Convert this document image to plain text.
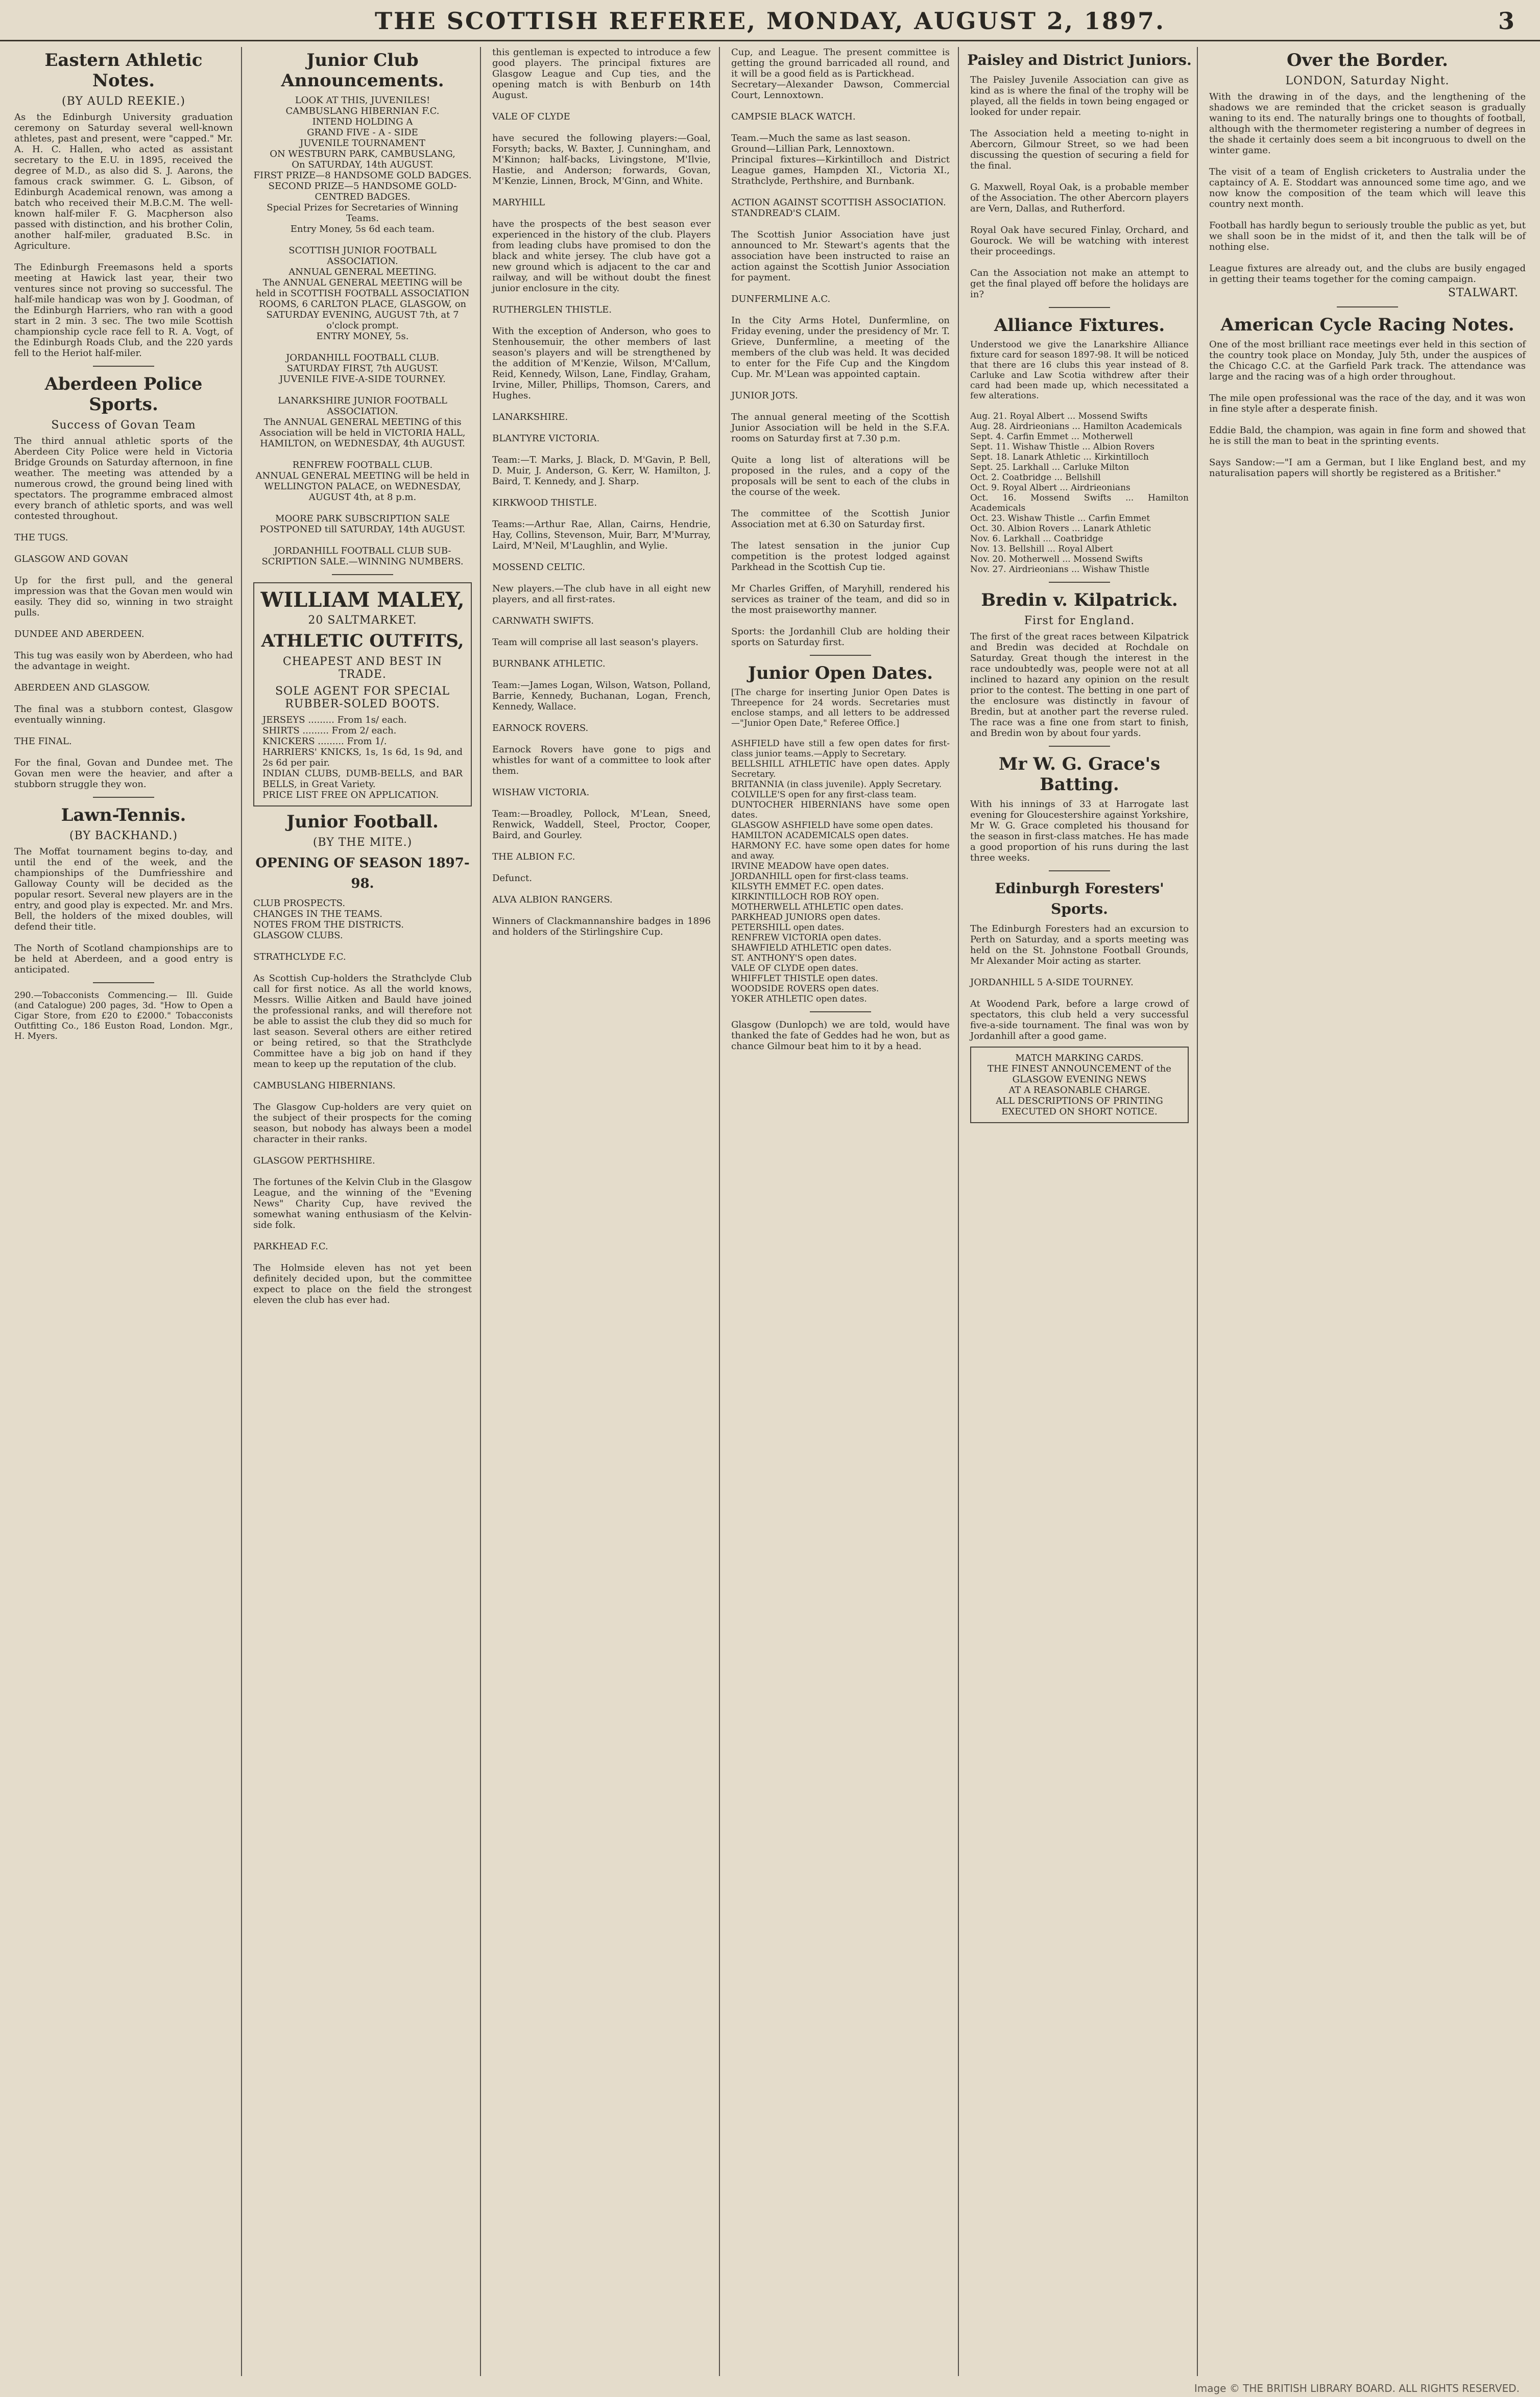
THE SCOTTISH REFEREE, MONDAY, AUGUST 2, 1897.	3
Eastern Athletic Notes.
(BY AULD REEKIE.)
As the Edinburgh University graduation ceremony on Saturday several well-known athletes, past and present, were "capped." Mr. A. H. C. Hallen, who acted as assistant secretary to the E.U. in 1895, received the degree of M.D., as also did S. J. Aarons, the famous crack swimmer. G. L. Gibson, of Edinburgh Academical renown, was among a batch who received their M.B.C.M. The well-known half-miler F. G. Macpherson also passed with distinction, and his brother Colin, another half-miler, graduated B.Sc. in Agriculture.

The Edinburgh Freemasons held a sports meeting at Hawick last year, their two ventures since not proving so successful. The half-mile handicap was won by J. Goodman, of the Edinburgh Harriers, who ran with a good start in 2 min. 3 sec. The two mile Scottish championship cycle race fell to R. A. Vogt, of the Edinburgh Roads Club, and the 220 yards fell to the Heriot half-miler.
Aberdeen Police Sports.
Success of Govan Team
The third annual athletic sports of the Aberdeen City Police were held in Victoria Bridge Grounds on Saturday afternoon, in fine weather. The meeting was attended by a numerous crowd, the ground being lined with spectators. The programme embraced almost every branch of athletic sports, and was well contested throughout.

THE TUGS.

GLASGOW AND GOVAN

Up for the first pull, and the general impression was that the Govan men would win easily. They did so, winning in two straight pulls.

DUNDEE AND ABERDEEN.

This tug was easily won by Aberdeen, who had the advantage in weight.

ABERDEEN AND GLASGOW.

The final was a stubborn contest, Glasgow eventually winning.

THE FINAL.

For the final, Govan and Dundee met. The Govan men were the heavier, and after a stubborn struggle they won.
Lawn-Tennis.
(BY BACKHAND.)
The Moffat tournament begins to-day, and until the end of the week, and the championships of the Dumfriesshire and Galloway County will be decided as the popular resort. Several new players are in the entry, and good play is expected. Mr. and Mrs. Bell, the holders of the mixed doubles, will defend their title.

The North of Scotland championships are to be held at Aberdeen, and a good entry is anticipated.
290.—Tobacconists Commencing.— Ill. Guide (and Catalogue) 200 pages, 3d. "How to Open a Cigar Store, from £20 to £2000." Tobacconists Outfitting Co., 186 Euston Road, London. Mgr., H. Myers.
Junior Club Announcements.
LOOK AT THIS, JUVENILES!
CAMBUSLANG HIBERNIAN F.C.
INTEND HOLDING A
GRAND FIVE - A - SIDE
JUVENILE TOURNAMENT
ON WESTBURN PARK, CAMBUSLANG,
On SATURDAY, 14th AUGUST.
FIRST PRIZE—8 HANDSOME GOLD BADGES.
SECOND PRIZE—5 HANDSOME GOLD-CENTRED BADGES.
Special Prizes for Secretaries of Winning Teams.
Entry Money, 5s 6d each team.

SCOTTISH JUNIOR FOOTBALL ASSOCIATION.
ANNUAL GENERAL MEETING.
The ANNUAL GENERAL MEETING will be held in SCOTTISH FOOTBALL ASSOCIATION ROOMS, 6 CARLTON PLACE, GLASGOW, on SATURDAY EVENING, AUGUST 7th, at 7 o'clock prompt.
ENTRY MONEY, 5s.

JORDANHILL FOOTBALL CLUB.
SATURDAY FIRST, 7th AUGUST.
JUVENILE FIVE-A-SIDE TOURNEY.

LANARKSHIRE JUNIOR FOOTBALL ASSOCIATION.
The ANNUAL GENERAL MEETING of this Association will be held in VICTORIA HALL, HAMILTON, on WEDNESDAY, 4th AUGUST.

RENFREW FOOTBALL CLUB.
ANNUAL GENERAL MEETING will be held in WELLINGTON PALACE, on WEDNESDAY, AUGUST 4th, at 8 p.m.

MOORE PARK SUBSCRIPTION SALE
POSTPONED till SATURDAY, 14th AUGUST.

JORDANHILL FOOTBALL CLUB SUB-SCRIPTION SALE.—WINNING NUMBERS.
WILLIAM MALEY,
20 SALTMARKET.
ATHLETIC OUTFITS,
CHEAPEST AND BEST IN TRADE.
SOLE AGENT FOR SPECIAL RUBBER-SOLED BOOTS.
JERSEYS ......... From 1s/ each.
SHIRTS ......... From 2/ each.
KNICKERS ......... From 1/.
HARRIERS' KNICKS, 1s, 1s 6d, 1s 9d, and 2s 6d per pair.
INDIAN CLUBS, DUMB-BELLS, and BAR BELLS, in Great Variety.
PRICE LIST FREE ON APPLICATION.
Junior Football.
(BY THE MITE.)
OPENING OF SEASON 1897-98.
CLUB PROSPECTS.
CHANGES IN THE TEAMS.
NOTES FROM THE DISTRICTS.
GLASGOW CLUBS.

STRATHCLYDE F.C.

As Scottish Cup-holders the Strathclyde Club call for first notice. As all the world knows, Messrs. Willie Aitken and Bauld have joined the professional ranks, and will therefore not be able to assist the club they did so much for last season. Several others are either retired or being retired, so that the Strathclyde Committee have a big job on hand if they mean to keep up the reputation of the club.

CAMBUSLANG HIBERNIANS.

The Glasgow Cup-holders are very quiet on the subject of their prospects for the coming season, but nobody has always been a model character in their ranks.

GLASGOW PERTHSHIRE.

The fortunes of the Kelvin Club in the Glasgow League, and the winning of the "Evening News" Charity Cup, have revived the somewhat waning enthusiasm of the Kelvin-side folk.

PARKHEAD F.C.

The Holmside eleven has not yet been definitely decided upon, but the committee expect to place on the field the strongest eleven the club has ever had.
this gentleman is expected to introduce a few good players. The principal fixtures are Glasgow League and Cup ties, and the opening match is with Benburb on 14th August.

VALE OF CLYDE

have secured the following players:—Goal, Forsyth; backs, W. Baxter, J. Cunningham, and M'Kinnon; half-backs, Livingstone, M'Ilvie, Hastie, and Anderson; forwards, Govan, M'Kenzie, Linnen, Brock, M'Ginn, and White.

MARYHILL

have the prospects of the best season ever experienced in the history of the club. Players from leading clubs have promised to don the black and white jersey. The club have got a new ground which is adjacent to the car and railway, and will be without doubt the finest junior enclosure in the city.

RUTHERGLEN THISTLE.

With the exception of Anderson, who goes to Stenhousemuir, the other members of last season's players and will be strengthened by the addition of M'Kenzie, Wilson, M'Callum, Reid, Kennedy, Wilson, Lane, Findlay, Graham, Irvine, Miller, Phillips, Thomson, Carers, and Hughes.

LANARKSHIRE.

BLANTYRE VICTORIA.

Team:—T. Marks, J. Black, D. M'Gavin, P. Bell, D. Muir, J. Anderson, G. Kerr, W. Hamilton, J. Baird, T. Kennedy, and J. Sharp.

KIRKWOOD THISTLE.

Teams:—Arthur Rae, Allan, Cairns, Hendrie, Hay, Collins, Stevenson, Muir, Barr, M'Murray, Laird, M'Neil, M'Laughlin, and Wylie.

MOSSEND CELTIC.

New players.—The club have in all eight new players, and all first-rates.

CARNWATH SWIFTS.

Team will comprise all last season's players.

BURNBANK ATHLETIC.

Team:—James Logan, Wilson, Watson, Polland, Barrie, Kennedy, Buchanan, Logan, French, Kennedy, Wallace.

EARNOCK ROVERS.

Earnock Rovers have gone to pigs and whistles for want of a committee to look after them.

WISHAW VICTORIA.

Team:—Broadley, Pollock, M'Lean, Sneed, Renwick, Waddell, Steel, Proctor, Cooper, Baird, and Gourley.

THE ALBION F.C.

Defunct.

ALVA ALBION RANGERS.

Winners of Clackmannanshire badges in 1896 and holders of the Stirlingshire Cup.
Cup, and League. The present committee is getting the ground barricaded all round, and it will be a good field as is Partickhead.
Secretary—Alexander Dawson, Commercial Court, Lennoxtown.

CAMPSIE BLACK WATCH.

Team.—Much the same as last season.
Ground—Lillian Park, Lennoxtown.
Principal fixtures—Kirkintilloch and District League games, Hampden XI., Victoria XI., Strathclyde, Perthshire, and Burnbank.

ACTION AGAINST SCOTTISH ASSOCIATION.
STANDREAD'S CLAIM.

The Scottish Junior Association have just announced to Mr. Stewart's agents that the association have been instructed to raise an action against the Scottish Junior Association for payment.

DUNFERMLINE A.C.

In the City Arms Hotel, Dunfermline, on Friday evening, under the presidency of Mr. T. Grieve, Dunfermline, a meeting of the members of the club was held. It was decided to enter for the Fife Cup and the Kingdom Cup. Mr. M'Lean was appointed captain.

JUNIOR JOTS.

The annual general meeting of the Scottish Junior Association will be held in the S.F.A. rooms on Saturday first at 7.30 p.m.

Quite a long list of alterations will be proposed in the rules, and a copy of the proposals will be sent to each of the clubs in the course of the week.

The committee of the Scottish Junior Association met at 6.30 on Saturday first.

The latest sensation in the junior Cup competition is the protest lodged against Parkhead in the Scottish Cup tie.

Mr Charles Griffen, of Maryhill, rendered his services as trainer of the team, and did so in the most praiseworthy manner.

Sports: the Jordanhill Club are holding their sports on Saturday first.
Junior Open Dates.
[The charge for inserting Junior Open Dates is Threepence for 24 words. Secretaries must enclose stamps, and all letters to be addressed—"Junior Open Date," Referee Office.]

ASHFIELD have still a few open dates for first-class junior teams.—Apply to Secretary.
BELLSHILL ATHLETIC have open dates. Apply Secretary.
BRITANNIA (in class juvenile). Apply Secretary.
COLVILLE'S open for any first-class team.
DUNTOCHER HIBERNIANS have some open dates.
GLASGOW ASHFIELD have some open dates.
HAMILTON ACADEMICALS open dates.
HARMONY F.C. have some open dates for home and away.
IRVINE MEADOW have open dates.
JORDANHILL open for first-class teams.
KILSYTH EMMET F.C. open dates.
KIRKINTILLOCH ROB ROY open.
MOTHERWELL ATHLETIC open dates.
PARKHEAD JUNIORS open dates.
PETERSHILL open dates.
RENFREW VICTORIA open dates.
SHAWFIELD ATHLETIC open dates.
ST. ANTHONY'S open dates.
VALE OF CLYDE open dates.
WHIFFLET THISTLE open dates.
WOODSIDE ROVERS open dates.
YOKER ATHLETIC open dates.
Glasgow (Dunlopch) we are told, would have thanked the fate of Geddes had he won, but as chance Gilmour beat him to it by a head.
Paisley and District Juniors.
The Paisley Juvenile Association can give as kind as is where the final of the trophy will be played, all the fields in town being engaged or looked for under repair.

The Association held a meeting to-night in Abercorn, Gilmour Street, so we had been discussing the question of securing a field for the final.

G. Maxwell, Royal Oak, is a probable member of the Association. The other Abercorn players are Vern, Dallas, and Rutherford.

Royal Oak have secured Finlay, Orchard, and Gourock. We will be watching with interest their proceedings.

Can the Association not make an attempt to get the final played off before the holidays are in?
Alliance Fixtures.
Understood we give the Lanarkshire Alliance fixture card for season 1897-98. It will be noticed that there are 16 clubs this year instead of 8. Carluke and Law Scotia withdrew after their card had been made up, which necessitated a few alterations.

Aug. 21. Royal Albert ... Mossend Swifts
Aug. 28. Airdrieonians ... Hamilton Academicals
Sept. 4. Carfin Emmet ... Motherwell
Sept. 11. Wishaw Thistle ... Albion Rovers
Sept. 18. Lanark Athletic ... Kirkintilloch
Sept. 25. Larkhall ... Carluke Milton
Oct. 2. Coatbridge ... Bellshill
Oct. 9. Royal Albert ... Airdrieonians
Oct. 16. Mossend Swifts ... Hamilton Academicals
Oct. 23. Wishaw Thistle ... Carfin Emmet
Oct. 30. Albion Rovers ... Lanark Athletic
Nov. 6. Larkhall ... Coatbridge
Nov. 13. Bellshill ... Royal Albert
Nov. 20. Motherwell ... Mossend Swifts
Nov. 27. Airdrieonians ... Wishaw Thistle
Bredin v. Kilpatrick.
First for England.
The first of the great races between Kilpatrick and Bredin was decided at Rochdale on Saturday. Great though the interest in the race undoubtedly was, people were not at all inclined to hazard any opinion on the result prior to the contest. The betting in one part of the enclosure was distinctly in favour of Bredin, but at another part the reverse ruled. The race was a fine one from start to finish, and Bredin won by about four yards.
Mr W. G. Grace's Batting.
With his innings of 33 at Harrogate last evening for Gloucestershire against Yorkshire, Mr W. G. Grace completed his thousand for the season in first-class matches. He has made a good proportion of his runs during the last three weeks.
Edinburgh Foresters' Sports.
The Edinburgh Foresters had an excursion to Perth on Saturday, and a sports meeting was held on the St. Johnstone Football Grounds, Mr Alexander Moir acting as starter.

JORDANHILL 5 A-SIDE TOURNEY.

At Woodend Park, before a large crowd of spectators, this club held a very successful five-a-side tournament. The final was won by Jordanhill after a good game.
MATCH MARKING CARDS.
THE FINEST ANNOUNCEMENT of the GLASGOW EVENING NEWS
AT A REASONABLE CHARGE.
ALL DESCRIPTIONS OF PRINTING EXECUTED ON SHORT NOTICE.
Over the Border.
LONDON, Saturday Night.
With the drawing in of the days, and the lengthening of the shadows we are reminded that the cricket season is gradually waning to its end. The naturally brings one to thoughts of football, although with the thermometer registering a number of degrees in the shade it certainly does seem a bit incongruous to dwell on the winter game.

The visit of a team of English cricketers to Australia under the captaincy of A. E. Stoddart was announced some time ago, and we now know the composition of the team which will leave this country next month.

Football has hardly begun to seriously trouble the public as yet, but we shall soon be in the midst of it, and then the talk will be of nothing else.

League fixtures are already out, and the clubs are busily engaged in getting their teams together for the coming campaign.
STALWART.
American Cycle Racing Notes.
One of the most brilliant race meetings ever held in this section of the country took place on Monday, July 5th, under the auspices of the Chicago C.C. at the Garfield Park track. The attendance was large and the racing was of a high order throughout.

The mile open professional was the race of the day, and it was won in fine style after a desperate finish.

Eddie Bald, the champion, was again in fine form and showed that he is still the man to beat in the sprinting events.

Says Sandow:—"I am a German, but I like England best, and my naturalisation papers will shortly be registered as a Britisher."
Image © THE BRITISH LIBRARY BOARD. ALL RIGHTS RESERVED.
